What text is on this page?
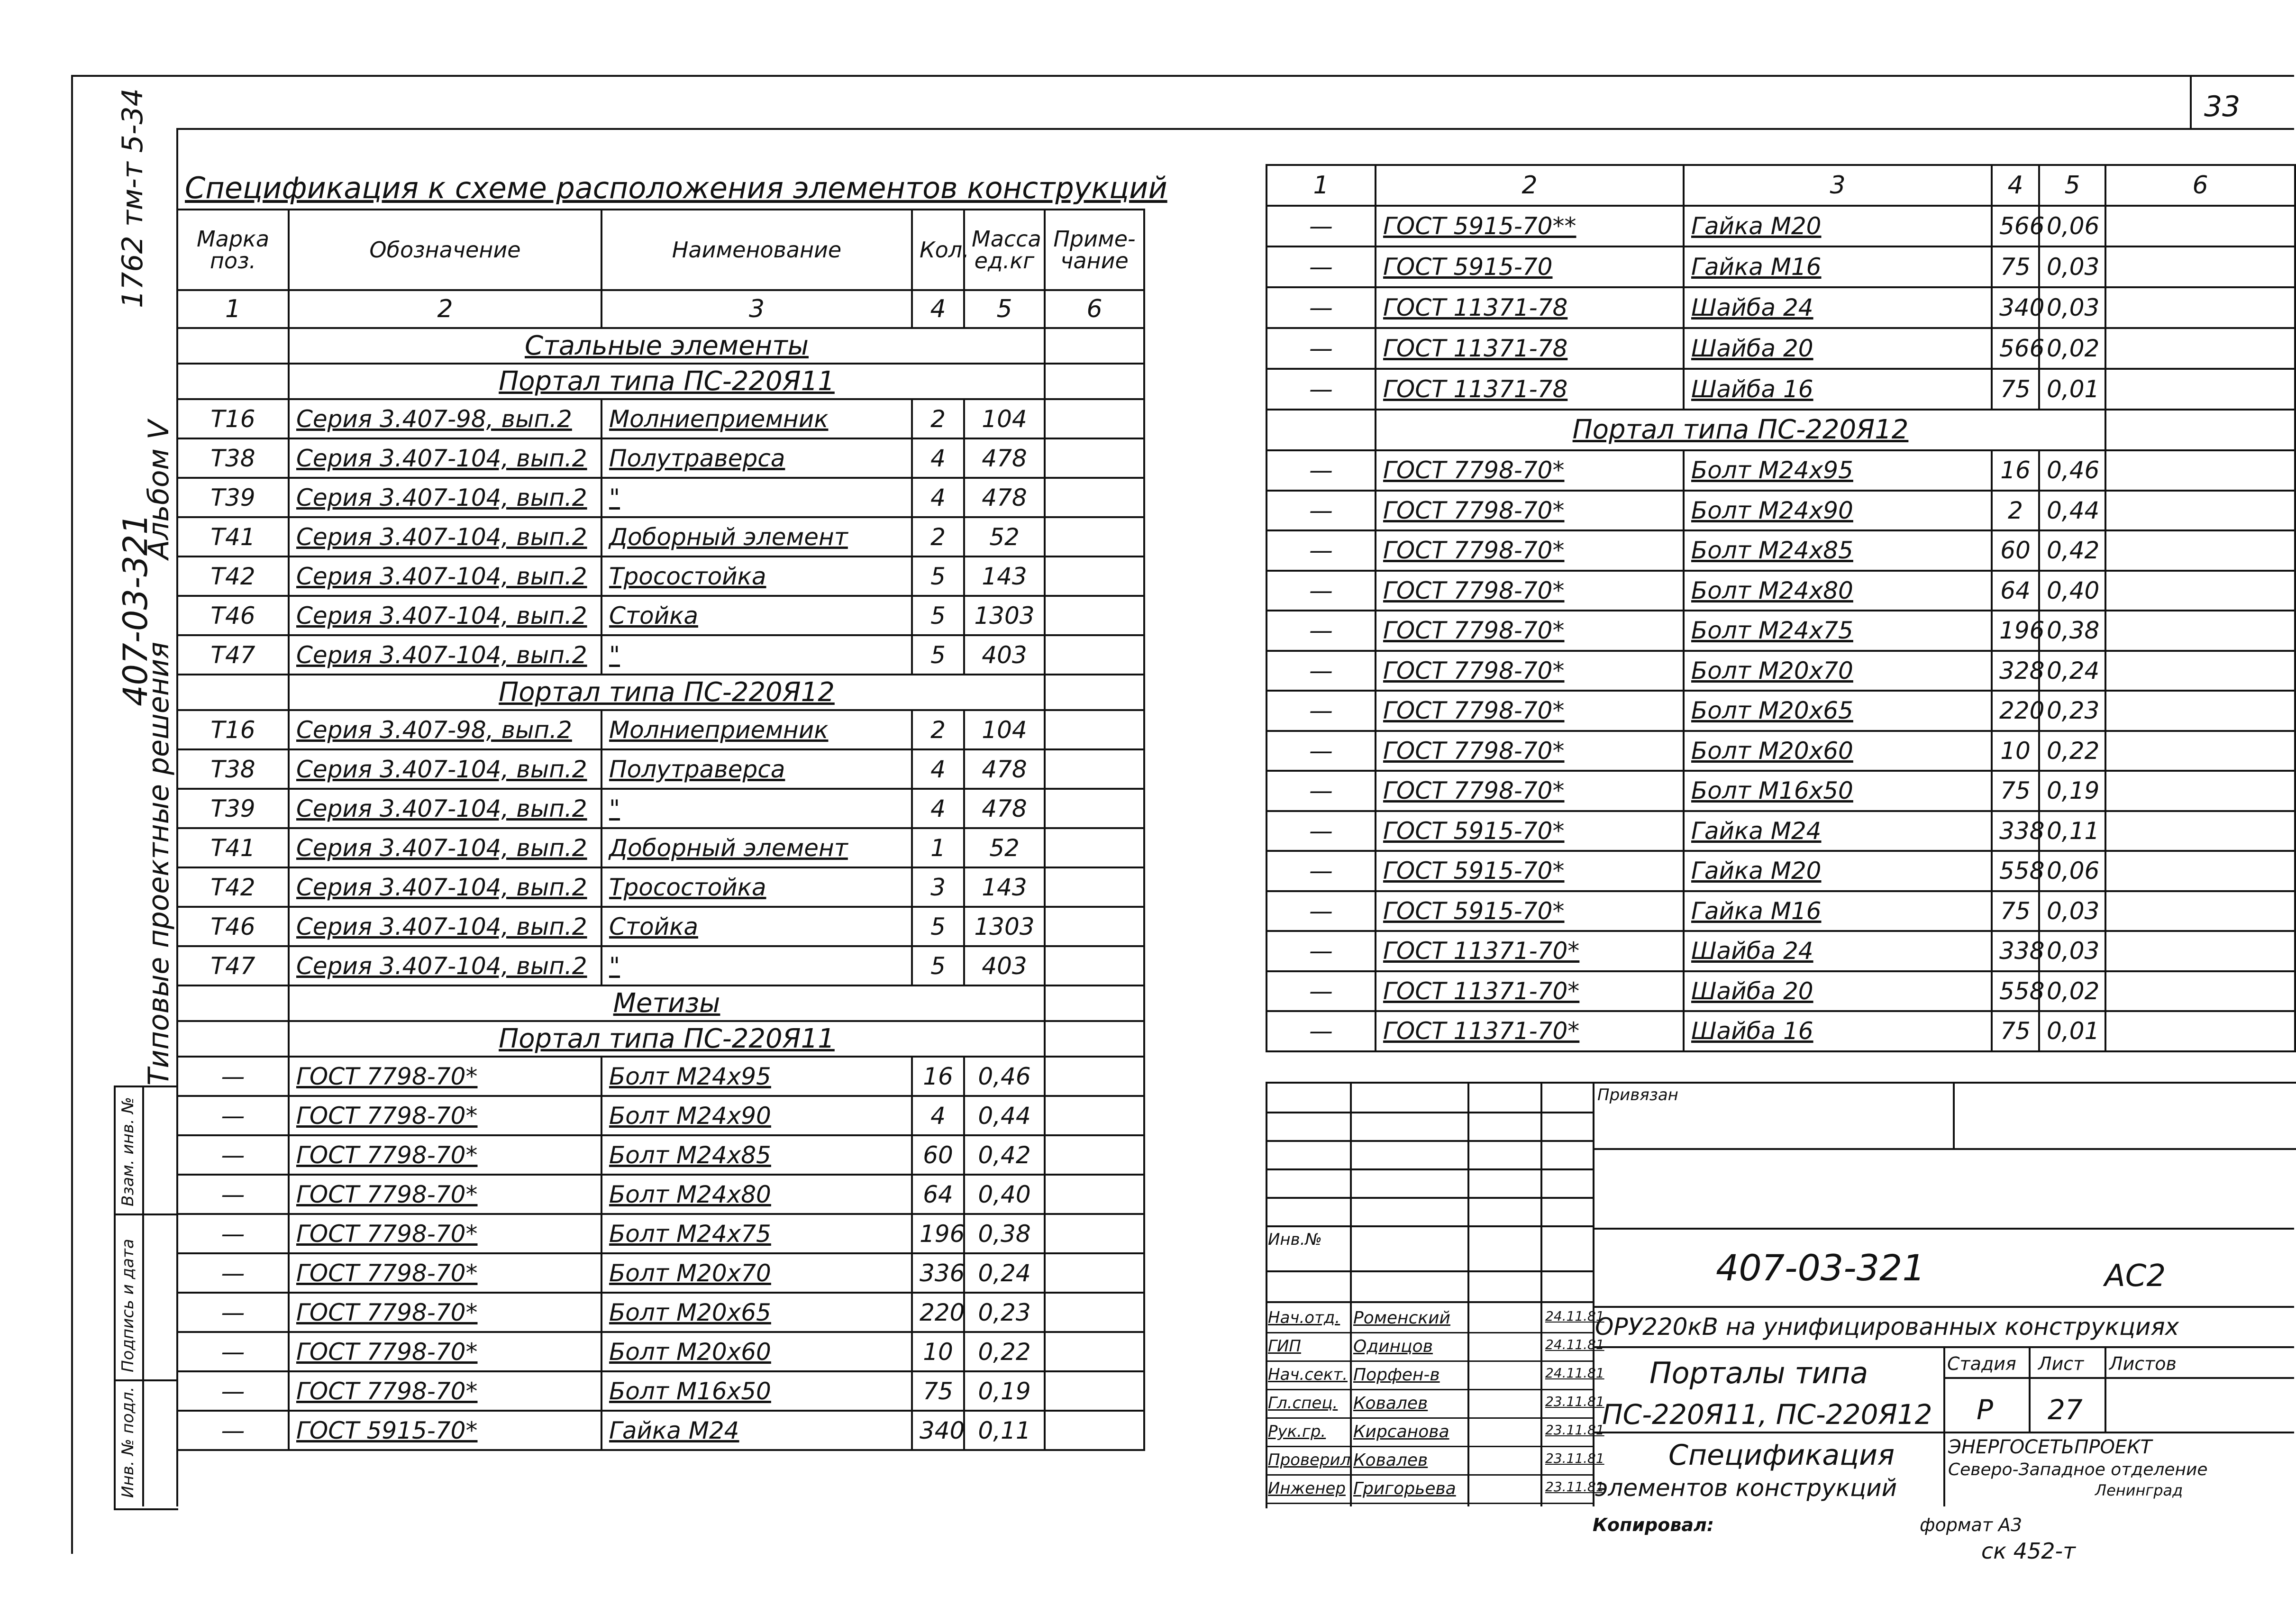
33
1762 тм-т 5-34
Альбом V
407-03-321
Типовые проектные решения
Взам. инв. №
Подпись и дата
Инв. № подл.
Спецификация к схеме расположения элементов конструкций
Марка поз.	Обозначение	Наименование	Кол.	Масса ед.кг	Приме- чание
1	2	3	4	5	6
	Стальные элементы				
	Портал типа ПС-220Я11				
Т16	Серия 3.407-98, вып.2	Молниеприемник	2	104	
Т38	Серия 3.407-104, вып.2	Полутраверса	4	478	
Т39	Серия 3.407-104, вып.2	"	4	478	
Т41	Серия 3.407-104, вып.2	Доборный элемент	2	52	
Т42	Серия 3.407-104, вып.2	Тросостойка	5	143	
Т46	Серия 3.407-104, вып.2	Стойка	5	1303	
Т47	Серия 3.407-104, вып.2	"	5	403	
	Портал типа ПС-220Я12				
Т16	Серия 3.407-98, вып.2	Молниеприемник	2	104	
Т38	Серия 3.407-104, вып.2	Полутраверса	4	478	
Т39	Серия 3.407-104, вып.2	"	4	478	
Т41	Серия 3.407-104, вып.2	Доборный элемент	1	52	
Т42	Серия 3.407-104, вып.2	Тросостойка	3	143	
Т46	Серия 3.407-104, вып.2	Стойка	5	1303	
Т47	Серия 3.407-104, вып.2	"	5	403	
	Метизы				
	Портал типа ПС-220Я11				
—	ГОСТ 7798-70*	Болт М24х95	16	0,46	
—	ГОСТ 7798-70*	Болт М24х90	4	0,44	
—	ГОСТ 7798-70*	Болт М24х85	60	0,42	
—	ГОСТ 7798-70*	Болт М24х80	64	0,40	
—	ГОСТ 7798-70*	Болт М24х75	196	0,38	
—	ГОСТ 7798-70*	Болт М20х70	336	0,24	
—	ГОСТ 7798-70*	Болт М20х65	220	0,23	
—	ГОСТ 7798-70*	Болт М20х60	10	0,22	
—	ГОСТ 7798-70*	Болт М16х50	75	0,19	
—	ГОСТ 5915-70*	Гайка М24	340	0,11	
1	2	3	4	5	6
—	ГОСТ 5915-70**	Гайка М20	566	0,06	
—	ГОСТ 5915-70	Гайка М16	75	0,03	
—	ГОСТ 11371-78	Шайба 24	340	0,03	
—	ГОСТ 11371-78	Шайба 20	566	0,02	
—	ГОСТ 11371-78	Шайба 16	75	0,01	
	Портал типа ПС-220Я12				
—	ГОСТ 7798-70*	Болт М24х95	16	0,46	
—	ГОСТ 7798-70*	Болт М24х90	2	0,44	
—	ГОСТ 7798-70*	Болт М24х85	60	0,42	
—	ГОСТ 7798-70*	Болт М24х80	64	0,40	
—	ГОСТ 7798-70*	Болт М24х75	196	0,38	
—	ГОСТ 7798-70*	Болт М20х70	328	0,24	
—	ГОСТ 7798-70*	Болт М20х65	220	0,23	
—	ГОСТ 7798-70*	Болт М20х60	10	0,22	
—	ГОСТ 7798-70*	Болт М16х50	75	0,19	
—	ГОСТ 5915-70*	Гайка М24	338	0,11	
—	ГОСТ 5915-70*	Гайка М20	558	0,06	
—	ГОСТ 5915-70*	Гайка М16	75	0,03	
—	ГОСТ 11371-70*	Шайба 24	338	0,03	
—	ГОСТ 11371-70*	Шайба 20	558	0,02	
—	ГОСТ 11371-70*	Шайба 16	75	0,01	
Инв.№
Привязан
407-03-321	АС2
ОРУ220кВ на унифицированных конструкциях
Порталы типа
ПС-220Я11, ПС-220Я12
Спецификация
элементов конструкций
Стадия Лист Листов
Р 27
ЭНЕРГОСЕТЬПРОЕКТ
Северо-Западное отделение
Ленинград
Нач.отд. Роменский	24.11.81
ГИП	Одинцов	24.11.81
Нач.сект. Порфен-в	24.11.81
Гл.спец. Ковалев	23.11.81
Рук.гр. Кирсанова	23.11.81
Проверил Ковалев	23.11.81
Инженер Григорьева	23.11.81
Копировал:	формат А3
ск 452-т
